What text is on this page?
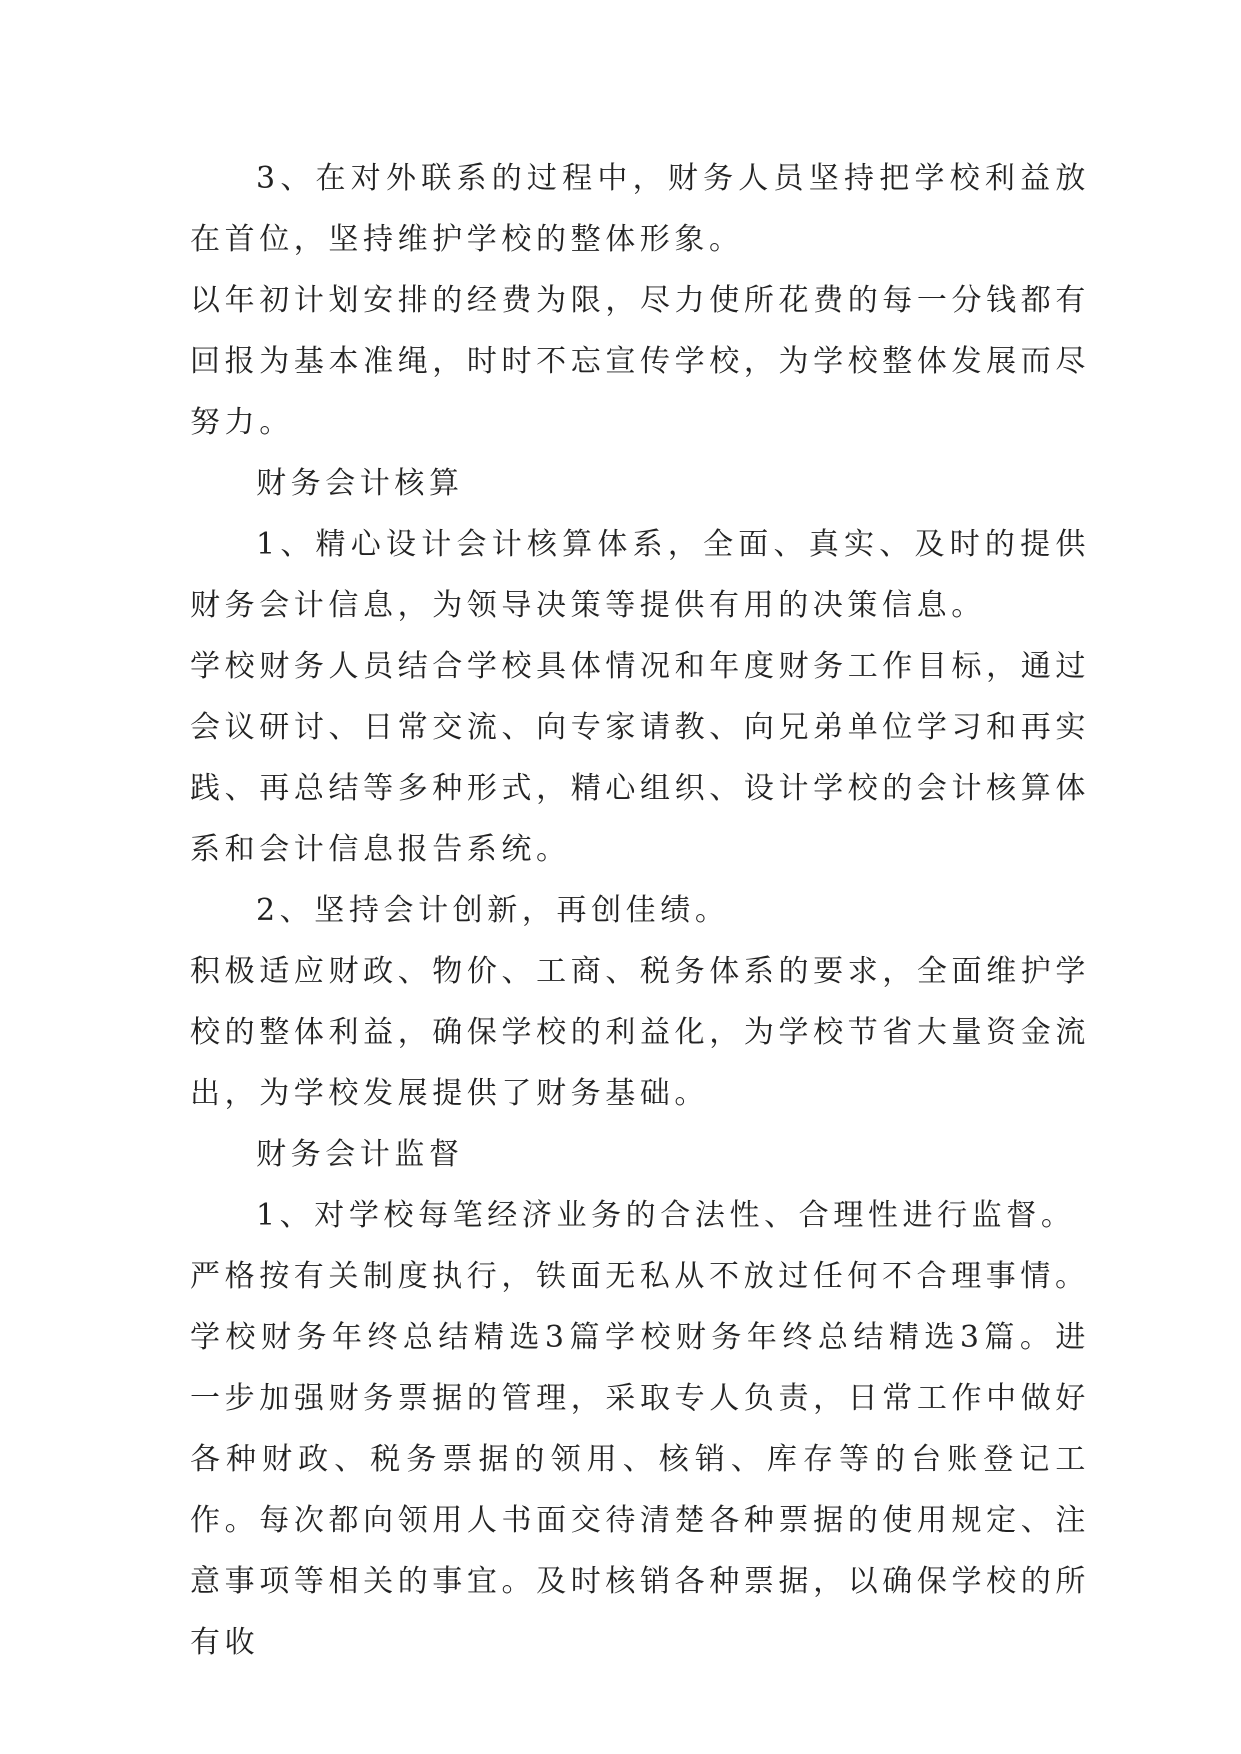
3、在对外联系的过程中，财务人员坚持把学校利益放在首位，坚持维护学校的整体形象。

以年初计划安排的经费为限，尽力使所花费的每一分钱都有回报为基本准绳，时时不忘宣传学校，为学校整体发展而尽努力。

财务会计核算

1、精心设计会计核算体系，全面、真实、及时的提供财务会计信息，为领导决策等提供有用的决策信息。

学校财务人员结合学校具体情况和年度财务工作目标，通过会议研讨、日常交流、向专家请教、向兄弟单位学习和再实践、再总结等多种形式，精心组织、设计学校的会计核算体系和会计信息报告系统。

2、坚持会计创新，再创佳绩。

积极适应财政、物价、工商、税务体系的要求，全面维护学校的整体利益，确保学校的利益化，为学校节省大量资金流出，为学校发展提供了财务基础。

财务会计监督

1、对学校每笔经济业务的合法性、合理性进行监督。

严格按有关制度执行，铁面无私从不放过任何不合理事情。

学校财务年终总结精选3篇学校财务年终总结精选3篇。进一步加强财务票据的管理，采取专人负责，日常工作中做好各种财政、税务票据的领用、核销、库存等的台账登记工作。每次都向领用人书面交待清楚各种票据的使用规定、注意事项等相关的事宜。及时核销各种票据，以确保学校的所有收
